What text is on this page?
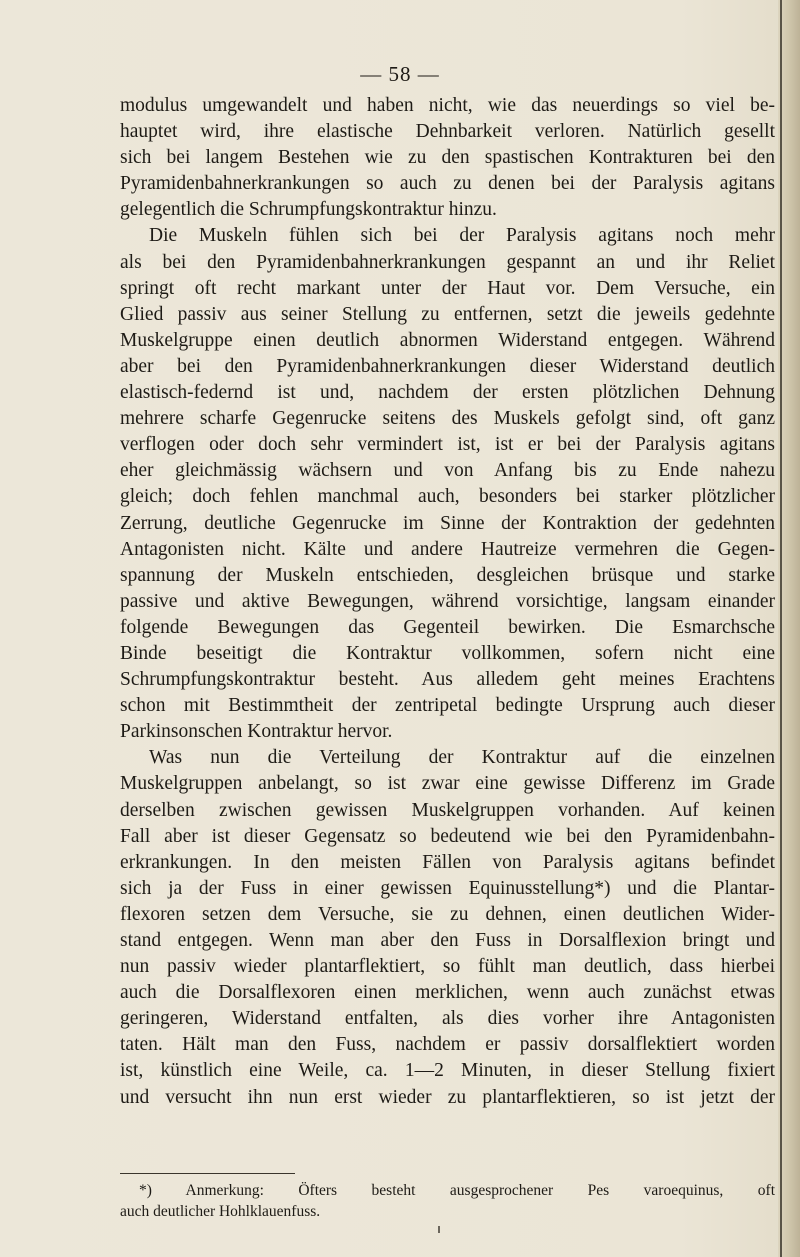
— 58 —
modulus umgewandelt und haben nicht, wie das neuerdings so viel be-
hauptet wird, ihre elastische Dehnbarkeit verloren. Natürlich gesellt
sich bei langem Bestehen wie zu den spastischen Kontrakturen bei den
Pyramidenbahnerkrankungen so auch zu denen bei der Paralysis agitans
gelegentlich die Schrumpfungskontraktur hinzu.
Die Muskeln fühlen sich bei der Paralysis agitans noch mehr
als bei den Pyramidenbahnerkrankungen gespannt an und ihr Reliet
springt oft recht markant unter der Haut vor. Dem Versuche, ein
Glied passiv aus seiner Stellung zu entfernen, setzt die jeweils gedehnte
Muskelgruppe einen deutlich abnormen Widerstand entgegen. Während
aber bei den Pyramidenbahnerkrankungen dieser Widerstand deutlich
elastisch-federnd ist und, nachdem der ersten plötzlichen Dehnung
mehrere scharfe Gegenrucke seitens des Muskels gefolgt sind, oft ganz
verflogen oder doch sehr vermindert ist, ist er bei der Paralysis agitans
eher gleichmässig wächsern und von Anfang bis zu Ende nahezu
gleich; doch fehlen manchmal auch, besonders bei starker plötzlicher
Zerrung, deutliche Gegenrucke im Sinne der Kontraktion der gedehnten
Antagonisten nicht. Kälte und andere Hautreize vermehren die Gegen-
spannung der Muskeln entschieden, desgleichen brüsque und starke
passive und aktive Bewegungen, während vorsichtige, langsam einander
folgende Bewegungen das Gegenteil bewirken. Die Esmarchsche
Binde beseitigt die Kontraktur vollkommen, sofern nicht eine
Schrumpfungskontraktur besteht. Aus alledem geht meines Erachtens
schon mit Bestimmtheit der zentripetal bedingte Ursprung auch dieser
Parkinsonschen Kontraktur hervor.
Was nun die Verteilung der Kontraktur auf die einzelnen
Muskelgruppen anbelangt, so ist zwar eine gewisse Differenz im Grade
derselben zwischen gewissen Muskelgruppen vorhanden. Auf keinen
Fall aber ist dieser Gegensatz so bedeutend wie bei den Pyramidenbahn-
erkrankungen. In den meisten Fällen von Paralysis agitans befindet
sich ja der Fuss in einer gewissen Equinusstellung*) und die Plantar-
flexoren setzen dem Versuche, sie zu dehnen, einen deutlichen Wider-
stand entgegen. Wenn man aber den Fuss in Dorsalflexion bringt und
nun passiv wieder plantarflektiert, so fühlt man deutlich, dass hierbei
auch die Dorsalflexoren einen merklichen, wenn auch zunächst etwas
geringeren, Widerstand entfalten, als dies vorher ihre Antagonisten
taten. Hält man den Fuss, nachdem er passiv dorsalflektiert worden
ist, künstlich eine Weile, ca. 1—2 Minuten, in dieser Stellung fixiert
und versucht ihn nun erst wieder zu plantarflektieren, so ist jetzt der
*) Anmerkung: Öfters besteht ausgesprochener Pes varoequinus, oft
auch deutlicher Hohlklauenfuss.
